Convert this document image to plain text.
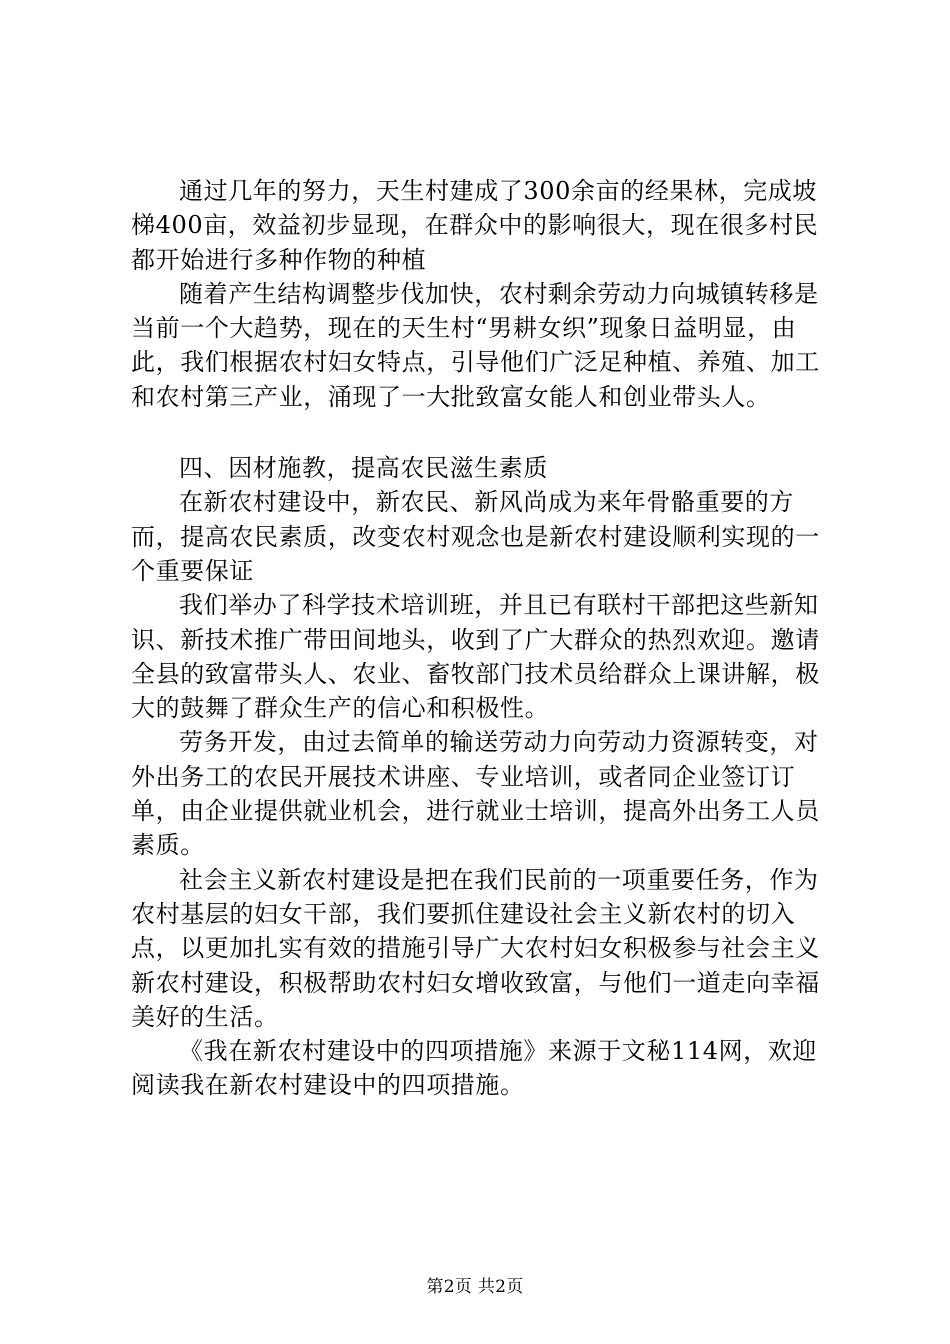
通过几年的努力，天生村建成了300余亩的经果林，完成坡梯400亩，效益初步显现，在群众中的影响很大，现在很多村民都开始进行多种作物的种植

随着产生结构调整步伐加快，农村剩余劳动力向城镇转移是当前一个大趋势，现在的天生村“男耕女织”现象日益明显，由此，我们根据农村妇女特点，引导他们广泛足种植、养殖、加工和农村第三产业，涌现了一大批致富女能人和创业带头人。

四、因材施教，提高农民滋生素质

在新农村建设中，新农民、新风尚成为来年骨骼重要的方而，提高农民素质，改变农村观念也是新农村建设顺利实现的一个重要保证

我们举办了科学技术培训班，并且已有联村干部把这些新知识、新技术推广带田间地头，收到了广大群众的热烈欢迎。邀请全县的致富带头人、农业、畜牧部门技术员给群众上课讲解，极大的鼓舞了群众生产的信心和积极性。

劳务开发，由过去简单的输送劳动力向劳动力资源转变，对外出务工的农民开展技术讲座、专业培训，或者同企业签订订单，由企业提供就业机会，进行就业士培训，提高外出务工人员素质。

社会主义新农村建设是把在我们民前的一项重要任务，作为农村基层的妇女干部，我们要抓住建设社会主义新农村的切入点，以更加扎实有效的措施引导广大农村妇女积极参与社会主义新农村建设，积极帮助农村妇女增收致富，与他们一道走向幸福美好的生活。

《我在新农村建设中的四项措施》来源于文秘114网，欢迎阅读我在新农村建设中的四项措施。

第2页 共2页
